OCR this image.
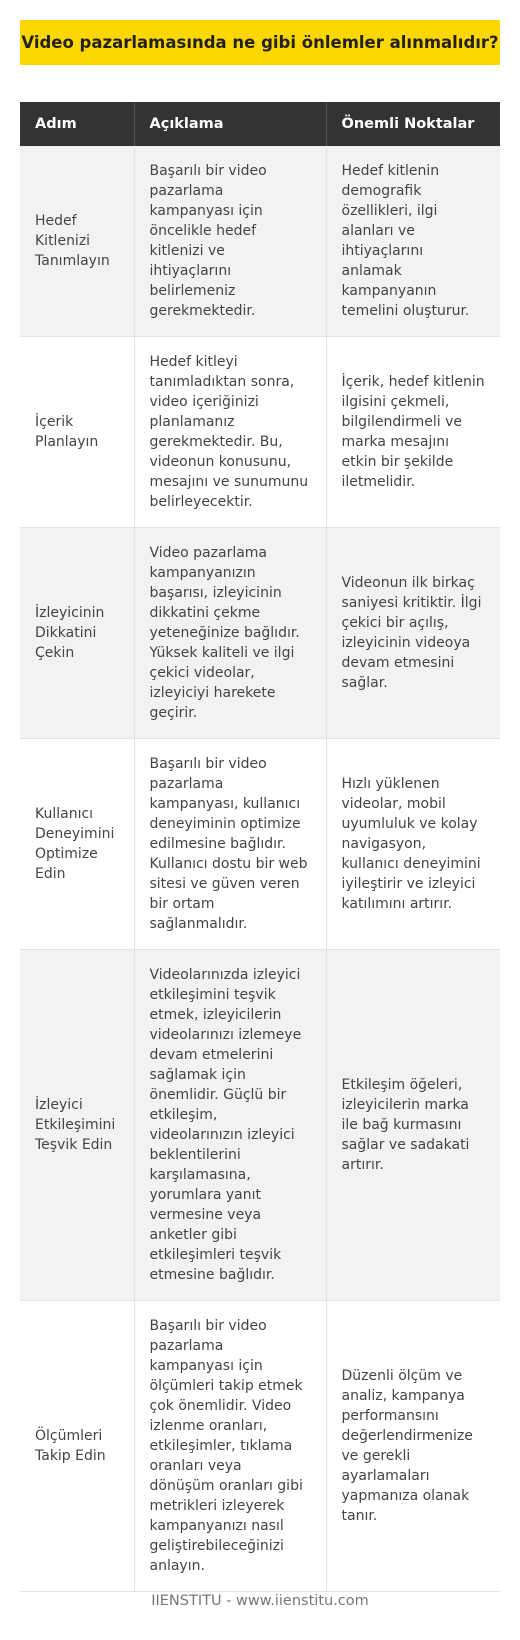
Video pazarlamasında ne gibi önlemler alınmalıdır?
Adım	Açıklama	Önemli Noktalar
Hedef Kitlenizi Tanımlayın	Başarılı bir video pazarlama kampanyası için öncelikle hedef kitlenizi ve ihtiyaçlarını belirlemeniz gerekmektedir.	Hedef kitlenin demografik özellikleri, ilgi alanları ve ihtiyaçlarını anlamak kampanyanın temelini oluşturur.
İçerik Planlayın	Hedef kitleyi tanımladıktan sonra, video içeriğinizi planlamanız gerekmektedir. Bu, videonun konusunu, mesajını ve sunumunu belirleyecektir.	İçerik, hedef kitlenin ilgisini çekmeli, bilgilendirmeli ve marka mesajını etkin bir şekilde iletmelidir.
İzleyicinin Dikkatini Çekin	Video pazarlama kampanyanızın başarısı, izleyicinin dikkatini çekme yeteneğinize bağlıdır. Yüksek kaliteli ve ilgi çekici videolar, izleyiciyi harekete geçirir.	Videonun ilk birkaç saniyesi kritiktir. İlgi çekici bir açılış, izleyicinin videoya devam etmesini sağlar.
Kullanıcı Deneyimini Optimize Edin	Başarılı bir video pazarlama kampanyası, kullanıcı deneyiminin optimize edilmesine bağlıdır. Kullanıcı dostu bir web sitesi ve güven veren bir ortam sağlanmalıdır.	Hızlı yüklenen videolar, mobil uyumluluk ve kolay navigasyon, kullanıcı deneyimini iyileştirir ve izleyici katılımını artırır.
İzleyici Etkileşimini Teşvik Edin	Videolarınızda izleyici etkileşimini teşvik etmek, izleyicilerin videolarınızı izlemeye devam etmelerini sağlamak için önemlidir. Güçlü bir etkileşim, videolarınızın izleyici beklentilerini karşılamasına, yorumlara yanıt vermesine veya anketler gibi etkileşimleri teşvik etmesine bağlıdır.	Etkileşim öğeleri, izleyicilerin marka ile bağ kurmasını sağlar ve sadakati artırır.
Ölçümleri Takip Edin	Başarılı bir video pazarlama kampanyası için ölçümleri takip etmek çok önemlidir. Video izlenme oranları, etkileşimler, tıklama oranları veya dönüşüm oranları gibi metrikleri izleyerek kampanyanızı nasıl geliştirebileceğinizi anlayın.	Düzenli ölçüm ve analiz, kampanya performansını değerlendirmenize ve gerekli ayarlamaları yapmanıza olanak tanır.
IIENSTITU - www.iienstitu.com
